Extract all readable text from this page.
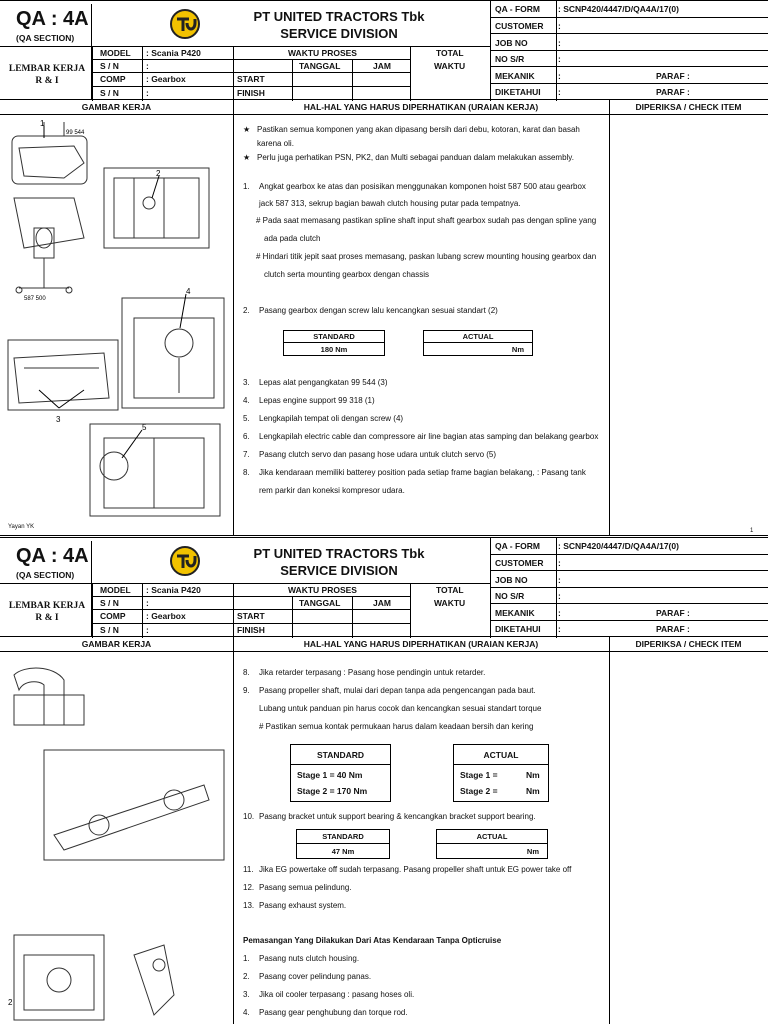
QA : 4A
(QA SECTION)
LEMBAR KERJA
R & I
PT UNITED TRACTORS Tbk
SERVICE DIVISION
MODEL : Scania P420
S / N	:
COMP : Gearbox
S / N	:
WAKTU PROSES
TANGGAL	JAM
START
FINISH
TOTAL
WAKTU
QA - FORM : SCNP420/4447/D/QA4A/17(0)
CUSTOMER :
JOB NO	:
NO S/R	:
MEKANIK	:	PARAF :
DIKETAHUI :	PARAF :
GAMBAR KERJA	HAL-HAL YANG HARUS DIPERHATIKAN (URAIAN KERJA)	DIPERIKSA / CHECK ITEM
1
99 544
2
587 500
4
3
5
Yayan YK
1
★ Pastikan semua komponen yang akan dipasang bersih dari debu, kotoran, karat dan basah
karena oli.
★ Perlu juga perhatikan PSN, PK2, dan Multi sebagai panduan dalam melakukan assembly.
1. Angkat gearbox ke atas dan posisikan menggunakan komponen hoist 587 500 atau gearbox
jack 587 313, sekrup bagian bawah clutch housing putar pada tempatnya.
# Pada saat memasang pastikan spline shaft input shaft gearbox sudah pas dengan spline yang
ada pada clutch
# Hindari titik jepit saat proses memasang, paskan lubang screw mounting housing gearbox dan
clutch serta mounting gearbox dengan chassis
2. Pasang gearbox dengan screw lalu kencangkan sesuai standart (2)
STANDARD
180 Nm
ACTUAL
Nm
3. Lepas alat pengangkatan 99 544 (3)
4. Lepas engine support 99 318 (1)
5. Lengkapilah tempat oli dengan screw (4)
6. Lengkapilah electric cable dan compressore air line bagian atas samping dan belakang gearbox
7. Pasang clutch servo dan pasang hose udara untuk clutch servo (5)
8. Jika kendaraan memiliki batterey position pada setiap frame bagian belakang, : Pasang tank
rem parkir dan koneksi kompresor udara.
QA : 4A
(QA SECTION)
LEMBAR KERJA
R & I
PT UNITED TRACTORS Tbk
SERVICE DIVISION
MODEL : Scania P420
S / N	:
COMP : Gearbox
S / N	:
WAKTU PROSES
TANGGAL	JAM
START
FINISH
TOTAL
WAKTU
QA - FORM : SCNP420/4447/D/QA4A/17(0)
CUSTOMER :
JOB NO	:
NO S/R	:
MEKANIK	:	PARAF :
DIKETAHUI :	PARAF :
GAMBAR KERJA	HAL-HAL YANG HARUS DIPERHATIKAN (URAIAN KERJA)	DIPERIKSA / CHECK ITEM
2
8. Jika retarder terpasang : Pasang hose pendingin untuk retarder.
9. Pasang propeller shaft, mulai dari depan tanpa ada pengencangan pada baut.
Lubang untuk panduan pin harus cocok dan kencangkan sesuai standart torque
# Pastikan semua kontak permukaan harus dalam keadaan bersih dan kering
STANDARD
Stage 1 = 40 Nm
Stage 2 = 170 Nm
ACTUAL
Stage 1 =	Nm
Stage 2 =	Nm
10. Pasang bracket untuk support bearing & kencangkan bracket support bearing.
STANDARD
47 Nm
ACTUAL
Nm
11. Jika EG powertake off sudah terpasang. Pasang propeller shaft untuk EG power take off
12. Pasang semua pelindung.
13. Pasang exhaust system.
Pemasangan Yang Dilakukan Dari Atas Kendaraan Tanpa Opticruise
1. Pasang nuts clutch housing.
2. Pasang cover pelindung panas.
3. Jika oil cooler terpasang : pasang hoses oli.
4. Pasang gear penghubung dan torque rod.
